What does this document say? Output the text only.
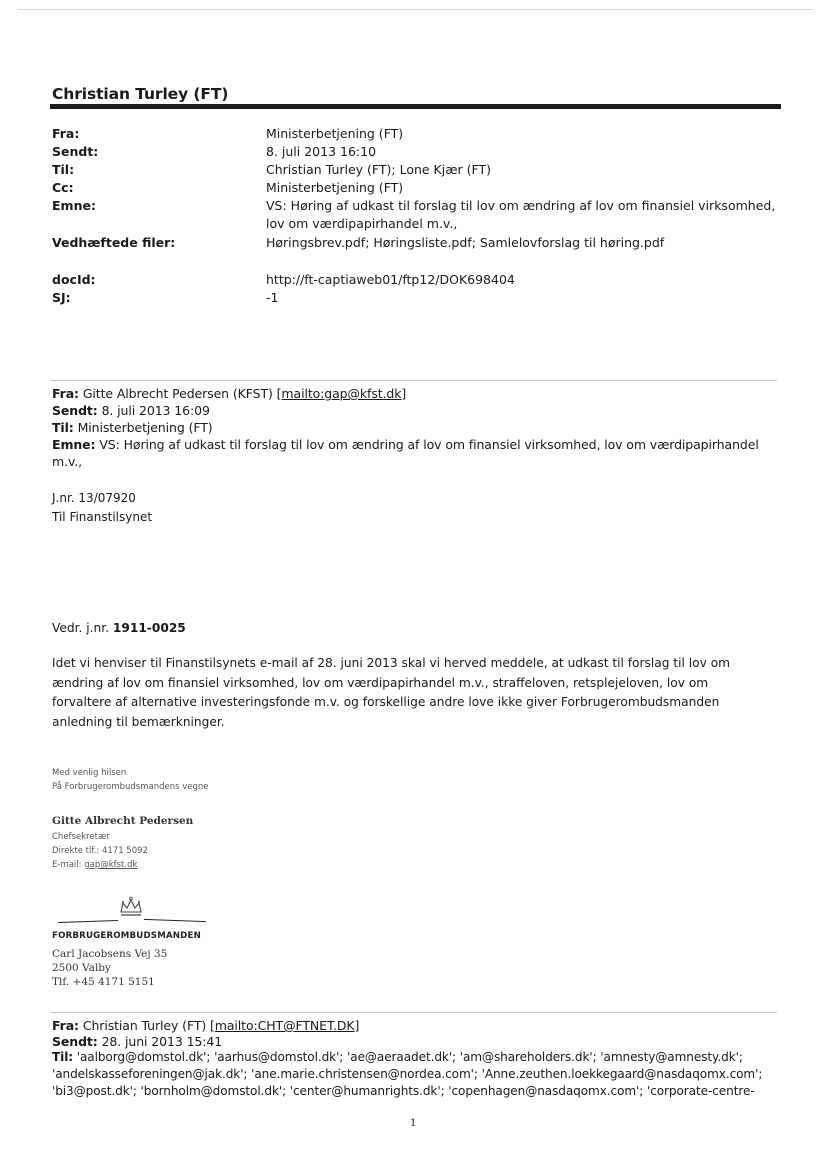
Christian Turley (FT)
Fra:	Ministerbetjening (FT)
Sendt:	8. juli 2013 16:10
Til:	Christian Turley (FT); Lone Kjær (FT)
Cc:	Ministerbetjening (FT)
Emne:	VS: Høring af udkast til forslag til lov om ændring af lov om finansiel virksomhed,
lov om værdipapirhandel m.v.,
Vedhæftede filer:	Høringsbrev.pdf; Høringsliste.pdf; Samlelovforslag til høring.pdf
docId:	http://ft-captiaweb01/ftp12/DOK698404
SJ:	-1
Fra: Gitte Albrecht Pedersen (KFST) [mailto:gap@kfst.dk]
Sendt: 8. juli 2013 16:09
Til: Ministerbetjening (FT)
Emne: VS: Høring af udkast til forslag til lov om ændring af lov om finansiel virksomhed, lov om værdipapirhandel
m.v.,
J.nr. 13/07920
Til Finanstilsynet
Vedr. j.nr. 1911-0025
Idet vi henviser til Finanstilsynets e-mail af 28. juni 2013 skal vi herved meddele, at udkast til forslag til lov om
ændring af lov om finansiel virksomhed, lov om værdipapirhandel m.v., straffeloven, retsplejeloven, lov om
forvaltere af alternative investeringsfonde m.v. og forskellige andre love ikke giver Forbrugerombudsmanden
anledning til bemærkninger.
Med venlig hilsen
På Forbrugerombudsmandens vegne
Gitte Albrecht Pedersen
Chefsekretær
Direkte tlf.: 4171 5092
E-mail: gap@kfst.dk
FORBRUGEROMBUDSMANDEN
Carl Jacobsens Vej 35
2500 Valby
Tlf. +45 4171 5151
Fra: Christian Turley (FT) [mailto:CHT@FTNET.DK]
Sendt: 28. juni 2013 15:41
Til: 'aalborg@domstol.dk'; 'aarhus@domstol.dk'; 'ae@aeraadet.dk'; 'am@shareholders.dk'; 'amnesty@amnesty.dk';
'andelskasseforeningen@jak.dk'; 'ane.marie.christensen@nordea.com'; 'Anne.zeuthen.loekkegaard@nasdaqomx.com';
'bi3@post.dk'; 'bornholm@domstol.dk'; 'center@humanrights.dk'; 'copenhagen@nasdaqomx.com'; 'corporate-centre-
1
